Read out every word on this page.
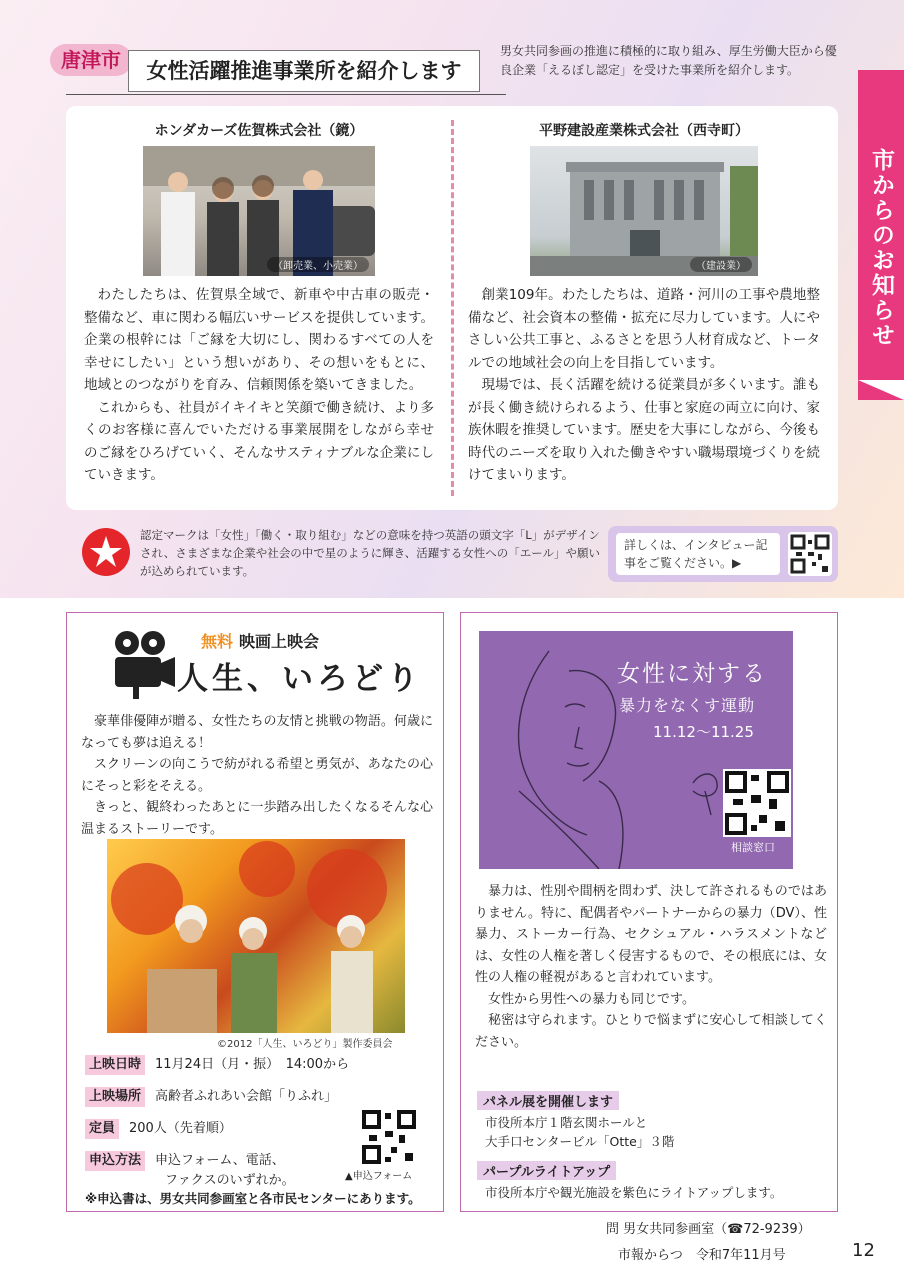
唐津市	女性活躍推進事業所を紹介します
男女共同参画の推進に積極的に取り組み、厚生労働大臣から優良企業「えるぼし認定」を受けた事業所を紹介します。
市からのお知らせ
ホンダカーズ佐賀株式会社（鏡）
（卸売業、小売業）

わたしたちは、佐賀県全域で、新車や中古車の販売・整備など、車に関わる幅広いサービスを提供しています。企業の根幹には「ご縁を大切にし、関わるすべての人を幸せにしたい」という想いがあり、その想いをもとに、地域とのつながりを育み、信頼関係を築いてきました。

これからも、社員がイキイキと笑顔で働き続け、より多くのお客様に喜んでいただける事業展開をしながら幸せのご縁をひろげていく、そんなサスティナブルな企業にしていきます。

平野建設産業株式会社（西寺町）
（建設業）

創業109年。わたしたちは、道路・河川の工事や農地整備など、社会資本の整備・拡充に尽力しています。人にやさしい公共工事と、ふるさとを思う人材育成など、トータルでの地域社会の向上を目指しています。

現場では、長く活躍を続ける従業員が多くいます。誰もが長く働き続けられるよう、仕事と家庭の両立に向け、家族休暇を推奨しています。歴史を大事にしながら、今後も時代のニーズを取り入れた働きやすい職場環境づくりを続けてまいります。

認定マークは「女性」「働く・取り組む」などの意味を持つ英語の頭文字「L」がデザインされ、さまざまな企業や社会の中で星のように輝き、活躍する女性への「エール」や願いが込められています。
詳しくは、インタビュー記事をご覧ください。▶
無料 映画上映会
人生、いろどり

豪華俳優陣が贈る、女性たちの友情と挑戦の物語。何歳になっても夢は追える！

スクリーンの向こうで紡がれる希望と勇気が、あなたの心にそっと彩をそえる。

きっと、観終わったあとに一歩踏み出したくなるそんな心温まるストーリーです。

©2012「人生、いろどり」製作委員会
上映日時 11月24日（月・振）　14:00から
上映場所 高齢者ふれあい会館「りふれ」
定員 200人（先着順）
申込方法 申込フォーム、電話、
ファクスのいずれか。	▲申込フォーム
※申込書は、男女共同参画室と各市民センターにあります。
女性に対する
暴力をなくす運動
11.12～11.25
相談窓口

暴力は、性別や間柄を問わず、決して許されるものではありません。特に、配偶者やパートナーからの暴力（DV）、性暴力、ストーカー行為、セクシュアル・ハラスメントなどは、女性の人権を著しく侵害するもので、その根底には、女性の人権の軽視があると言われています。

女性から男性への暴力も同じです。

秘密は守られます。ひとりで悩まずに安心して相談してください。

パネル展を開催します
市役所本庁１階玄関ホールと
大手口センタービル「Otte」３階
パープルライトアップ
市役所本庁や観光施設を紫色にライトアップします。
問 男女共同参画室（☎72-9239）
市報からつ　令和7年11月号	12
